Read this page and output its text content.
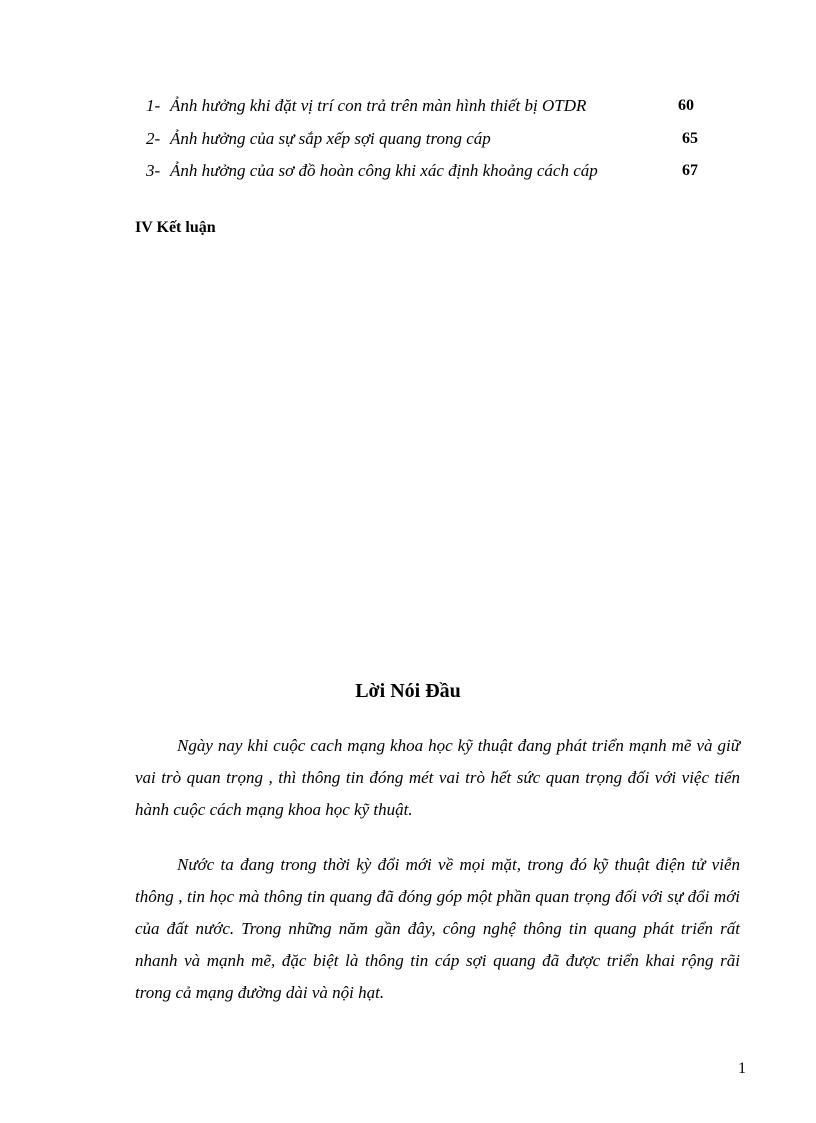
1- Ảnh hưởng khi đặt vị trí con trả trên màn hình thiết bị OTDR	60
2- Ảnh hưởng của sự sắp xếp sợi quang trong cáp	65
3- Ảnh hưởng của sơ đồ hoàn công khi xác định khoảng cách cáp	67
IV Kết luận
Lời Nói Đầu

Ngày nay khi cuộc cach mạng khoa học kỹ thuật đang phát triển mạnh mẽ và giữ vai trò quan trọng , thì thông tin đóng mét vai trò hết sức quan trọng đối với việc tiến hành cuộc cách mạng khoa học kỹ thuật.

Nước ta đang trong thời kỳ đổi mới về mọi mặt, trong đó kỹ thuật điện tử viễn thông , tin học mà thông tin quang đã đóng góp một phần quan trọng đối với sự đổi mới của đất nước. Trong những năm gần đây, công nghệ thông tin quang phát triển rất nhanh và mạnh mẽ, đặc biệt là thông tin cáp sợi quang đã được triển khai rộng rãi trong cả mạng đường dài và nội hạt.

1
